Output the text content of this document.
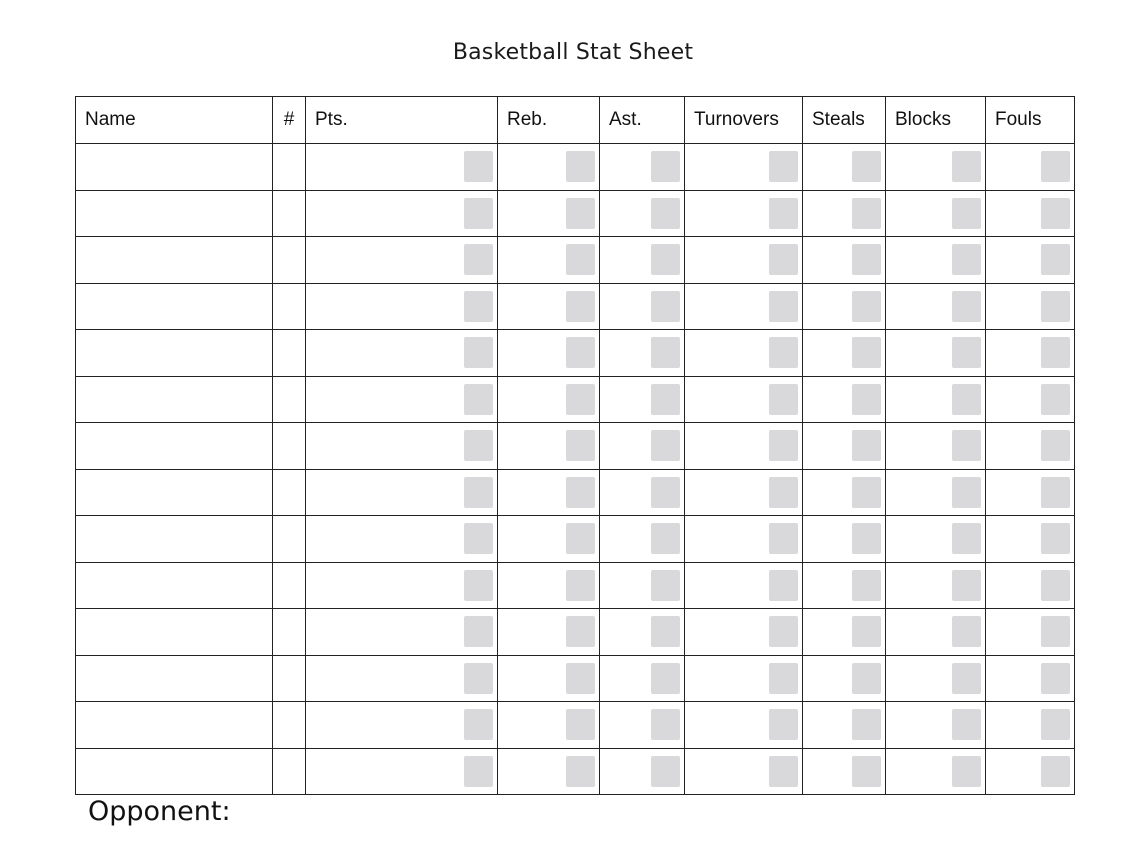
Basketball Stat Sheet
Name	#	Pts.	Reb.	Ast.	Turnovers	Steals	Blocks	Fouls

Opponent:
